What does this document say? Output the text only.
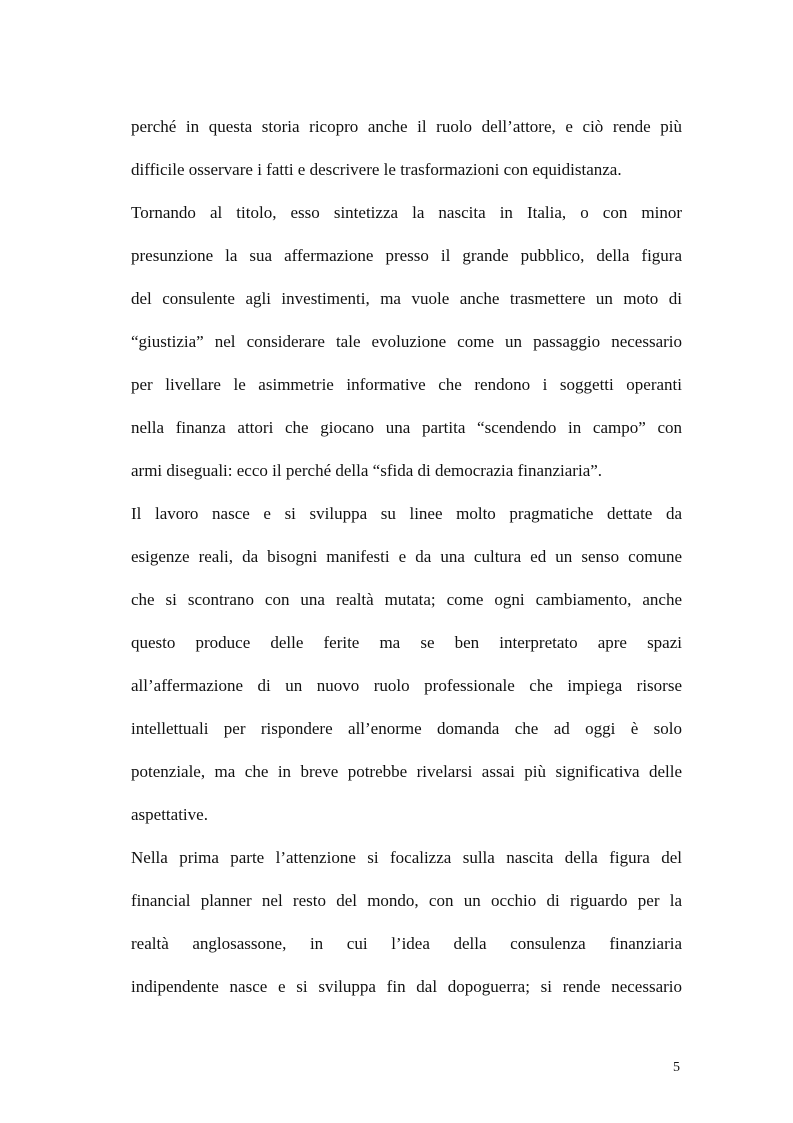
perché in questa storia ricopro anche il ruolo dell’attore, e ciò rende più
difficile osservare i fatti e descrivere le trasformazioni con equidistanza.
Tornando al titolo, esso sintetizza la nascita in Italia, o con minor
presunzione la sua affermazione presso il grande pubblico, della figura
del consulente agli investimenti, ma vuole anche trasmettere un moto di
“giustizia” nel considerare tale evoluzione come un passaggio necessario
per livellare le asimmetrie informative che rendono i soggetti operanti
nella finanza attori che giocano una partita “scendendo in campo” con
armi diseguali: ecco il perché della “sfida di democrazia finanziaria”.
Il lavoro nasce e si sviluppa su linee molto pragmatiche dettate da
esigenze reali, da bisogni manifesti e da una cultura ed un senso comune
che si scontrano con una realtà mutata; come ogni cambiamento, anche
questo produce delle ferite ma se ben interpretato apre spazi
all’affermazione di un nuovo ruolo professionale che impiega risorse
intellettuali per rispondere all’enorme domanda che ad oggi è solo
potenziale, ma che in breve potrebbe rivelarsi assai più significativa delle
aspettative.
Nella prima parte l’attenzione si focalizza sulla nascita della figura del
financial planner nel resto del mondo, con un occhio di riguardo per la
realtà anglosassone, in cui l’idea della consulenza finanziaria
indipendente nasce e si sviluppa fin dal dopoguerra; si rende necessario
5
